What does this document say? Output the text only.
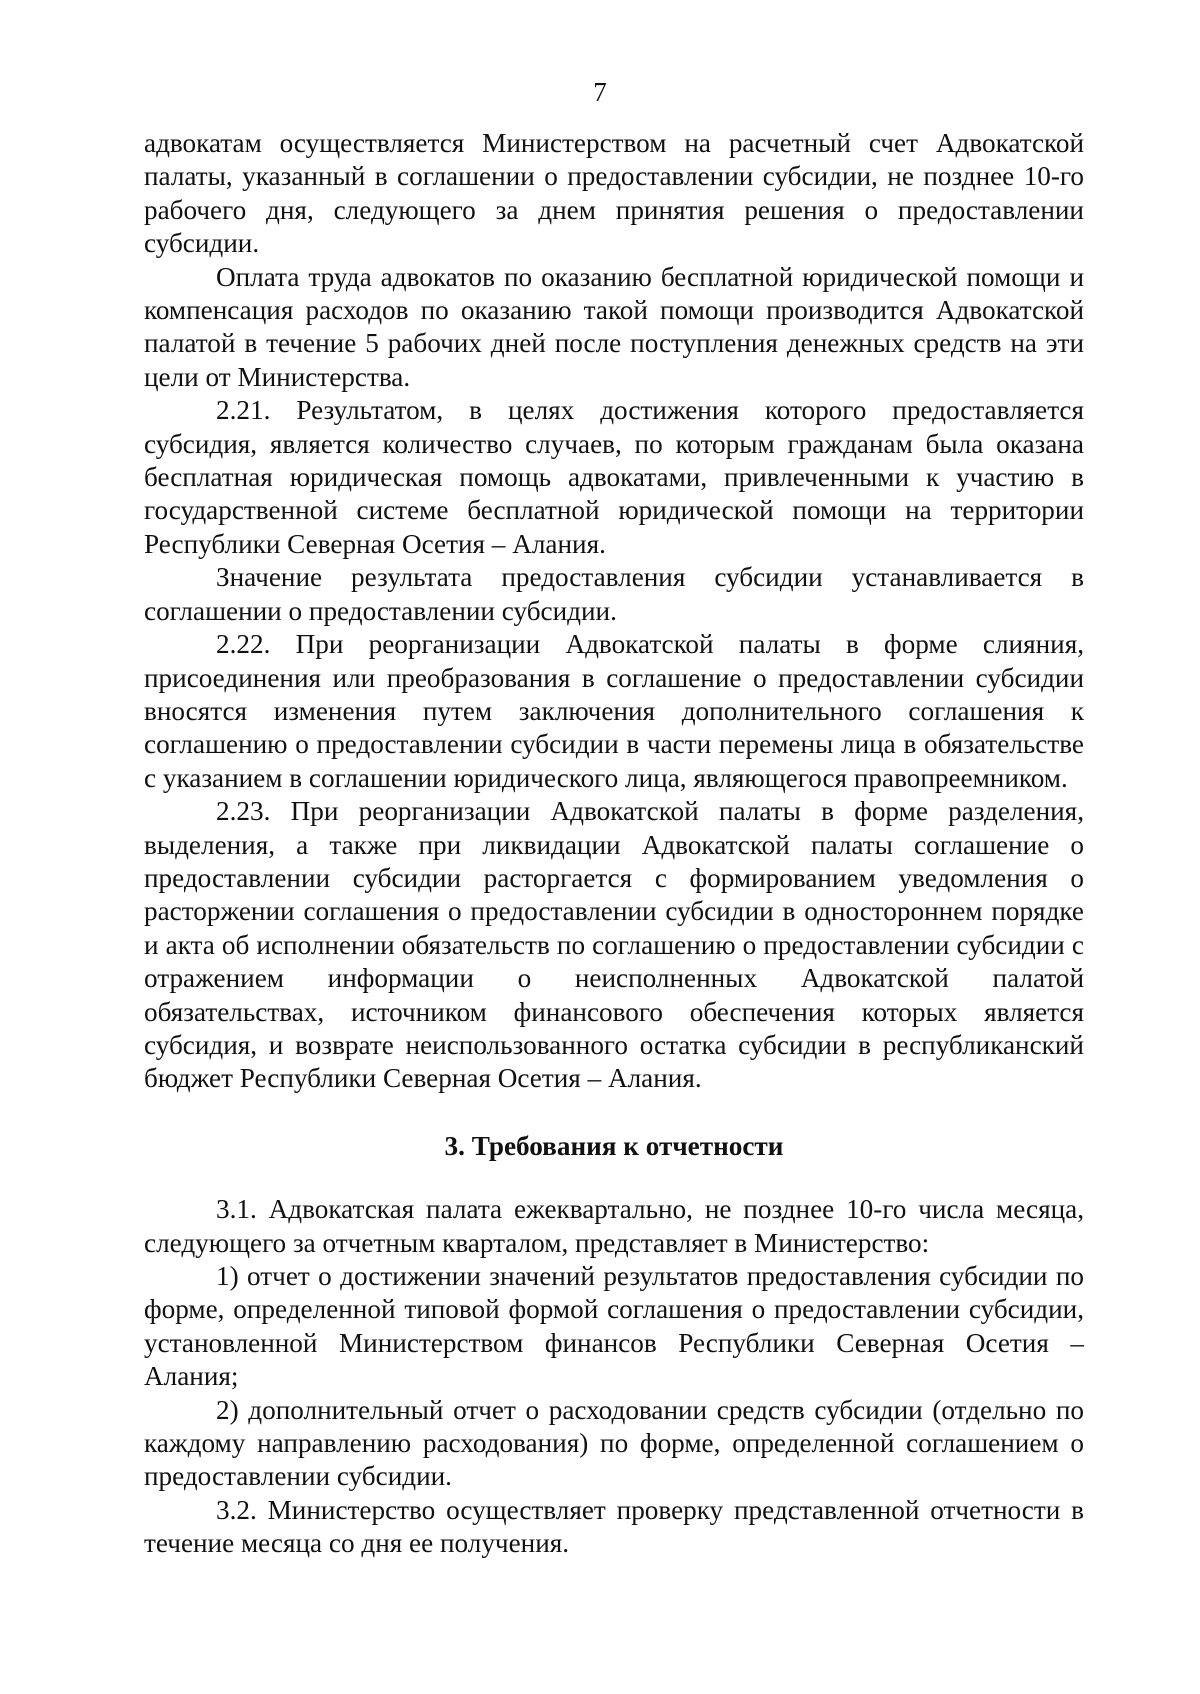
7

адвокатам осуществляется Министерством на расчетный счет Адвокатской палаты, указанный в соглашении о предоставлении субсидии, не позднее 10-го рабочего дня, следующего за днем принятия решения о предоставлении субсидии.

Оплата труда адвокатов по оказанию бесплатной юридической помощи и компенсация расходов по оказанию такой помощи производится Адвокатской палатой в течение 5 рабочих дней после поступления денежных средств на эти цели от Министерства.

2.21. Результатом, в целях достижения которого предоставляется субсидия, является количество случаев, по которым гражданам была оказана бесплатная юридическая помощь адвокатами, привлеченными к участию в государственной системе бесплатной юридической помощи на территории Республики Северная Осетия – Алания.

Значение результата предоставления субсидии устанавливается в соглашении о предоставлении субсидии.

2.22. При реорганизации Адвокатской палаты в форме слияния, присоединения или преобразования в соглашение о предоставлении субсидии вносятся изменения путем заключения дополнительного соглашения к соглашению о предоставлении субсидии в части перемены лица в обязательстве с указанием в соглашении юридического лица, являющегося правопреемником.

2.23. При реорганизации Адвокатской палаты в форме разделения, выделения, а также при ликвидации Адвокатской палаты соглашение о предоставлении субсидии расторгается с формированием уведомления о расторжении соглашения о предоставлении субсидии в одностороннем порядке и акта об исполнении обязательств по соглашению о предоставлении субсидии с отражением информации о неисполненных Адвокатской палатой обязательствах, источником финансового обеспечения которых является субсидия, и возврате неиспользованного остатка субсидии в республиканский бюджет Республики Северная Осетия – Алания.

3. Требования к отчетности

3.1. Адвокатская палата ежеквартально, не позднее 10-го числа месяца, следующего за отчетным кварталом, представляет в Министерство:

1) отчет о достижении значений результатов предоставления субсидии по форме, определенной типовой формой соглашения о предоставлении субсидии, установленной Министерством финансов Республики Северная Осетия – Алания;

2) дополнительный отчет о расходовании средств субсидии (отдельно по каждому направлению расходования) по форме, определенной соглашением о предоставлении субсидии.

3.2. Министерство осуществляет проверку представленной отчетности в течение месяца со дня ее получения.
